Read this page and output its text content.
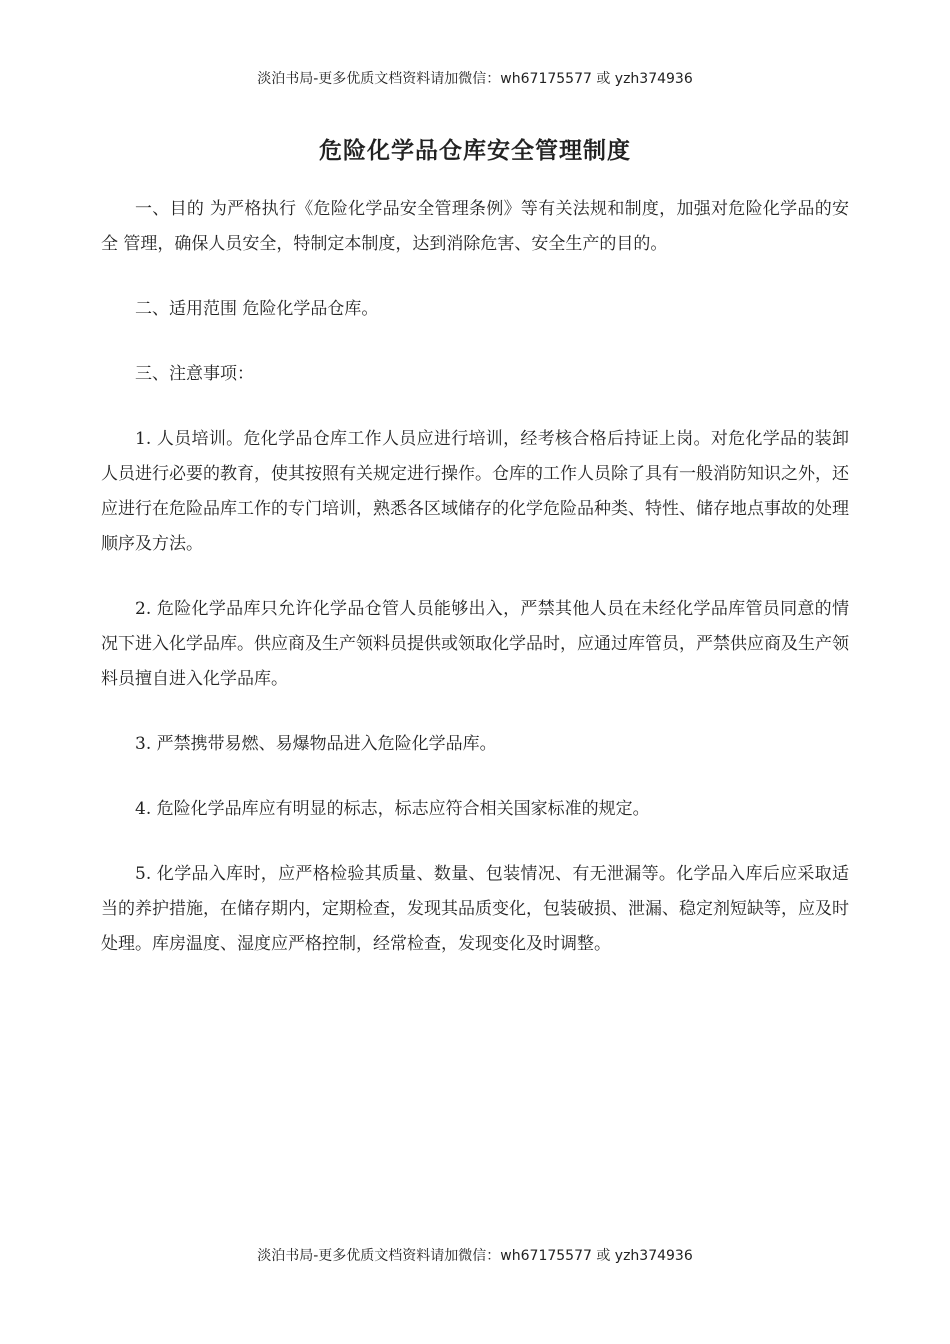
淡泊书局-更多优质文档资料请加微信：wh67175577 或 yzh374936
危险化学品仓库安全管理制度

一、目的 为严格执行《危险化学品安全管理条例》等有关法规和制度，加强对危险化学品的安全 管理，确保人员安全，特制定本制度，达到消除危害、安全生产的目的。

二、适用范围 危险化学品仓库。

三、注意事项：

1. 人员培训。危化学品仓库工作人员应进行培训，经考核合格后持证上岗。对危化学品的装卸人员进行必要的教育，使其按照有关规定进行操作。仓库的工作人员除了具有一般消防知识之外，还应进行在危险品库工作的专门培训，熟悉各区域储存的化学危险品种类、特性、储存地点事故的处理顺序及方法。

2. 危险化学品库只允许化学品仓管人员能够出入，严禁其他人员在未经化学品库管员同意的情况下进入化学品库。供应商及生产领料员提供或领取化学品时，应通过库管员，严禁供应商及生产领料员擅自进入化学品库。

3. 严禁携带易燃、易爆物品进入危险化学品库。

4. 危险化学品库应有明显的标志，标志应符合相关国家标准的规定。

5. 化学品入库时，应严格检验其质量、数量、包装情况、有无泄漏等。化学品入库后应采取适当的养护措施，在储存期内，定期检查，发现其品质变化，包装破损、泄漏、稳定剂短缺等，应及时处理。库房温度、湿度应严格控制，经常检查，发现变化及时调整。

淡泊书局-更多优质文档资料请加微信：wh67175577 或 yzh374936
